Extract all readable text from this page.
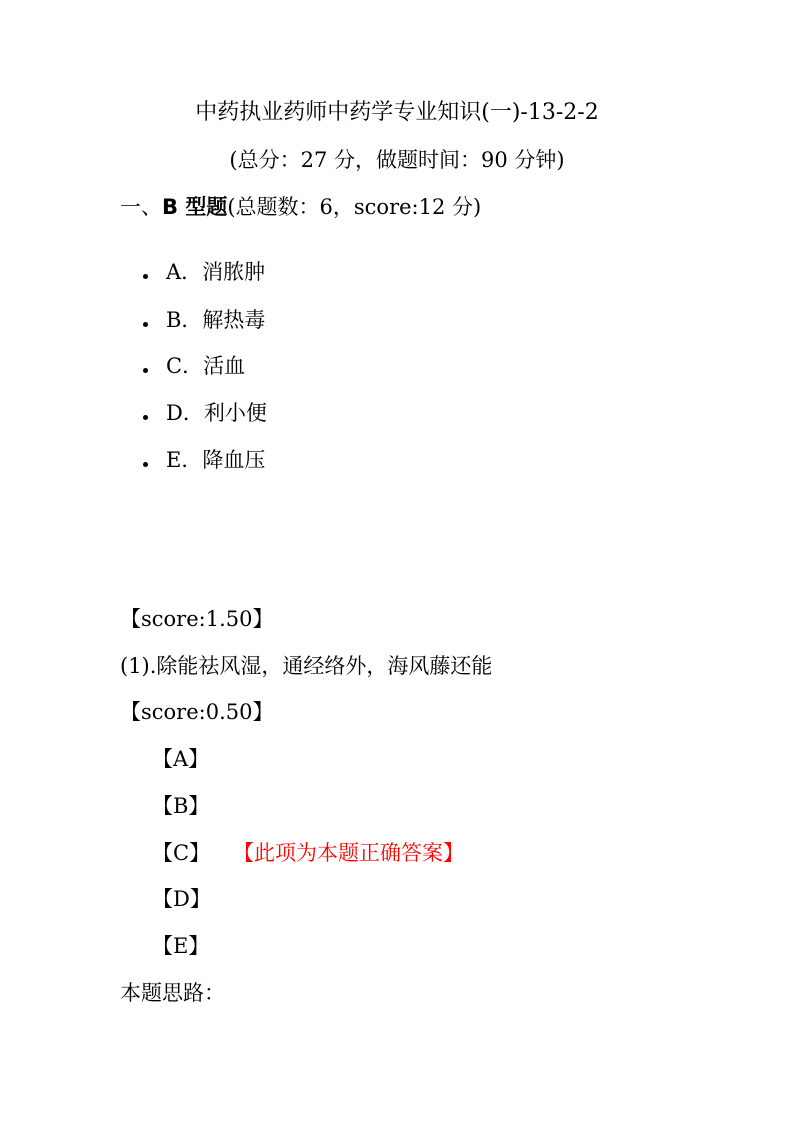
中药执业药师中药学专业知识(一)-13-2-2
(总分：27 分，做题时间：90 分钟)
一、B 型题(总题数：6，score:12 分)
A．消脓肿
B．解热毒
C．活血
D．利小便
E．降血压
【score:1.50】
(1).除能祛风湿，通经络外，海风藤还能
【score:0.50】
【A】
【B】
【C】 【此项为本题正确答案】
【D】
【E】
本题思路：
